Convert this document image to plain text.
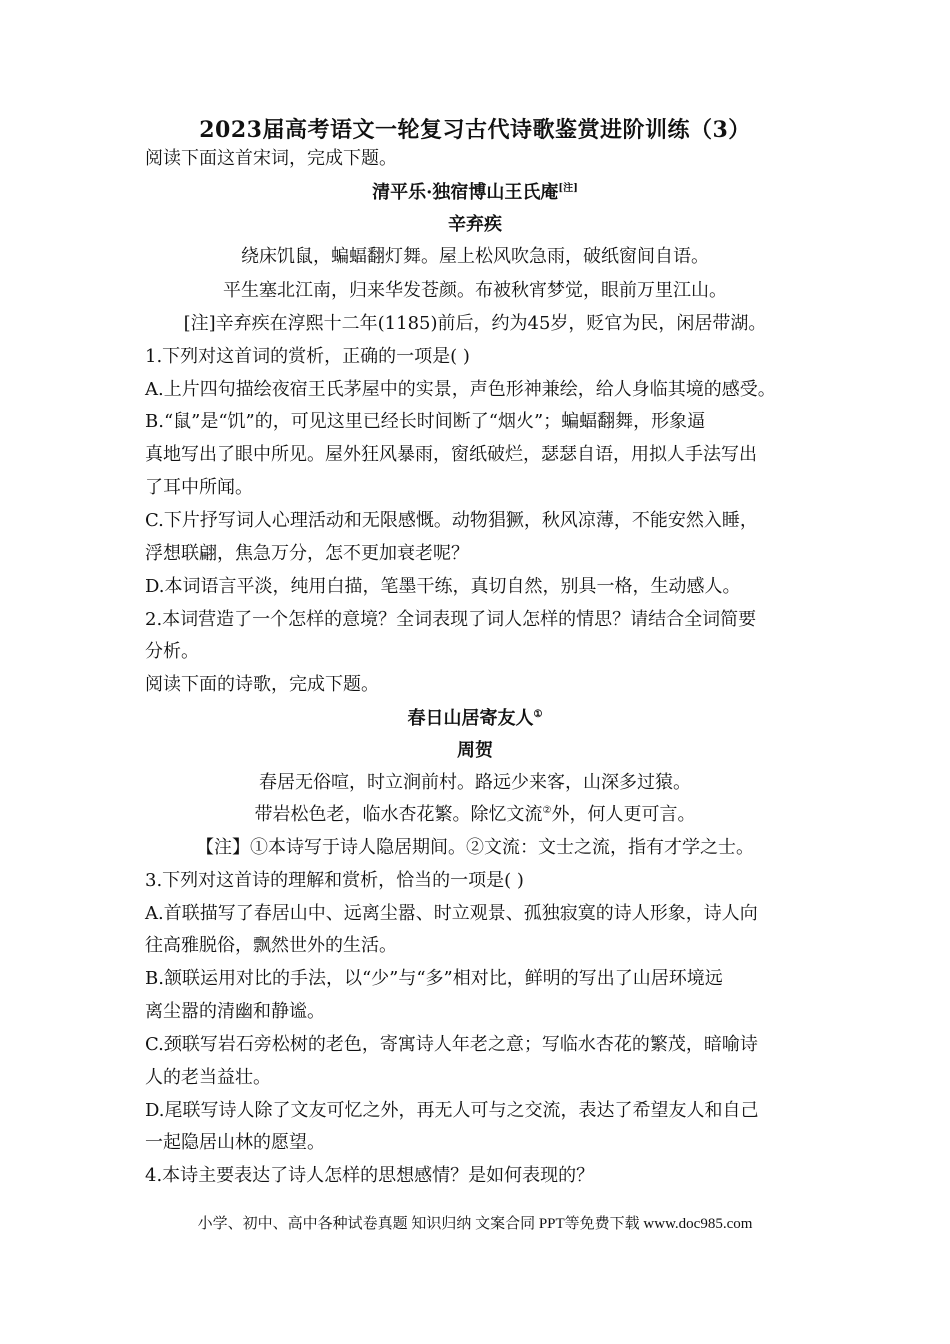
2023届高考语文一轮复习古代诗歌鉴赏进阶训练（3）
阅读下面这首宋词，完成下题。
清平乐·独宿博山王氏庵[注]
辛弃疾
绕床饥鼠，蝙蝠翻灯舞。屋上松风吹急雨，破纸窗间自语。
平生塞北江南，归来华发苍颜。布被秋宵梦觉，眼前万里江山。
[注]辛弃疾在淳熙十二年(1185)前后，约为45岁，贬官为民，闲居带湖。
1.下列对这首词的赏析，正确的一项是( )
A.上片四句描绘夜宿王氏茅屋中的实景，声色形神兼绘，给人身临其境的感受。
B.“鼠”是“饥”的，可见这里已经长时间断了“烟火”；蝙蝠翻舞，形象逼
真地写出了眼中所见。屋外狂风暴雨，窗纸破烂，瑟瑟自语，用拟人手法写出
了耳中所闻。
C.下片抒写词人心理活动和无限感慨。动物猖獗，秋风凉薄，不能安然入睡，
浮想联翩，焦急万分，怎不更加衰老呢？
D.本词语言平淡，纯用白描，笔墨干练，真切自然，别具一格，生动感人。
2.本词营造了一个怎样的意境？全词表现了词人怎样的情思？请结合全词简要
分析。
阅读下面的诗歌，完成下题。
春日山居寄友人①
周贺
春居无俗喧，时立涧前村。路远少来客，山深多过猿。
带岩松色老，临水杏花繁。除忆文流②外，何人更可言。
【注】①本诗写于诗人隐居期间。②文流：文士之流，指有才学之士。
3.下列对这首诗的理解和赏析，恰当的一项是( )
A.首联描写了春居山中、远离尘嚣、时立观景、孤独寂寞的诗人形象，诗人向
往高雅脱俗，飘然世外的生活。
B.颔联运用对比的手法，以“少”与“多”相对比，鲜明的写出了山居环境远
离尘嚣的清幽和静谧。
C.颈联写岩石旁松树的老色，寄寓诗人年老之意；写临水杏花的繁茂，暗喻诗
人的老当益壮。
D.尾联写诗人除了文友可忆之外，再无人可与之交流，表达了希望友人和自己
一起隐居山林的愿望。
4.本诗主要表达了诗人怎样的思想感情？是如何表现的？
小学、初中、高中各种试卷真题 知识归纳 文案合同 PPT等免费下载 www.doc985.com
